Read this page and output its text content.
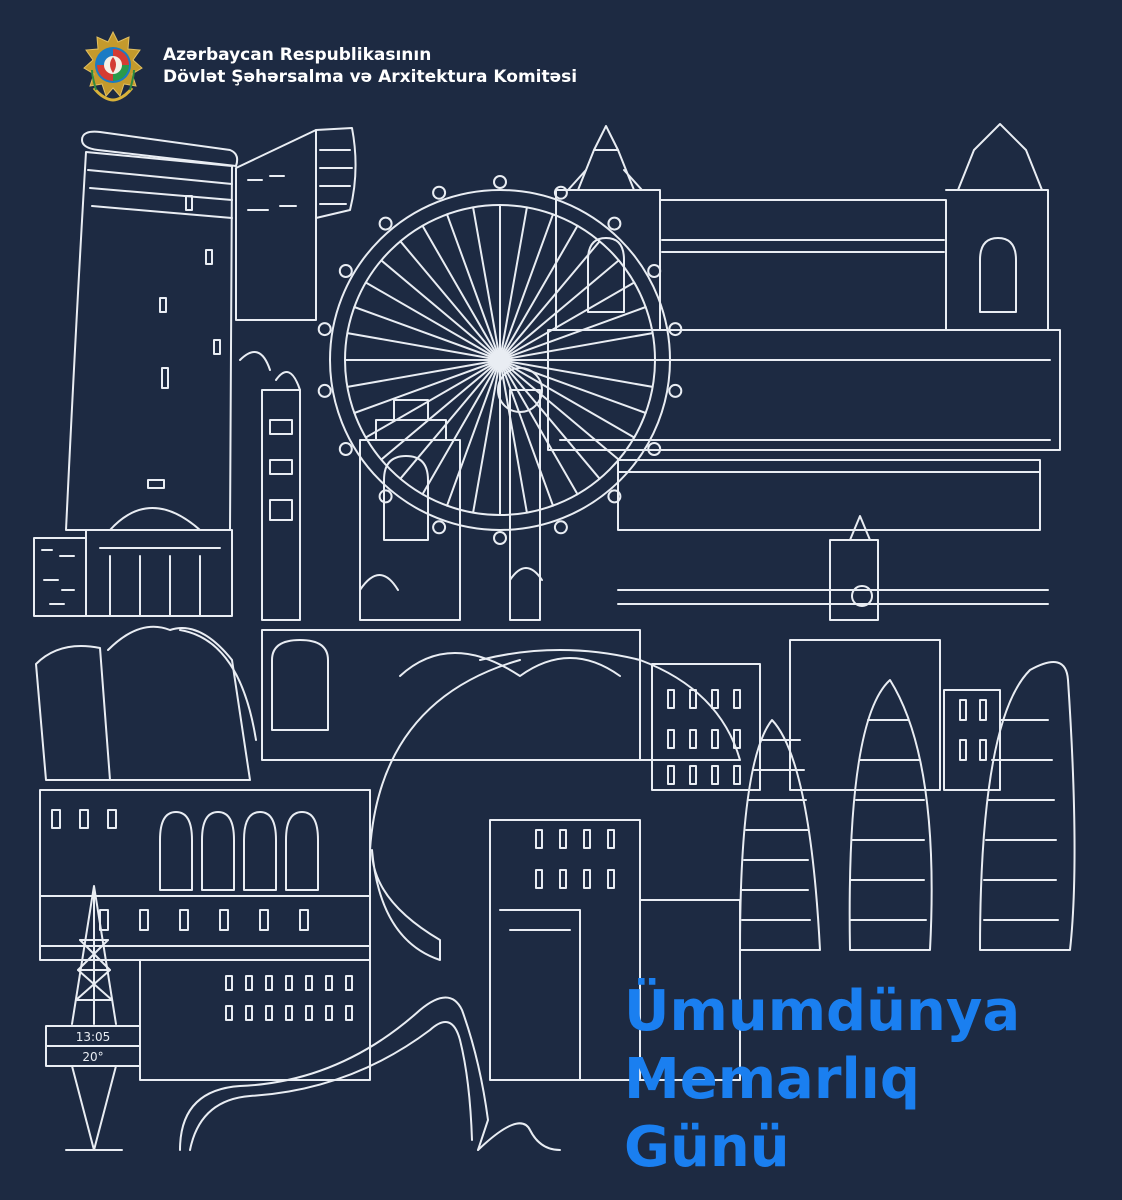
Azərbaycan Respublikasının
Dövlət Şəhərsalma və Arxitektura Komitəsi
13:05
20°
Ümumdünya
Memarlıq
Günü
